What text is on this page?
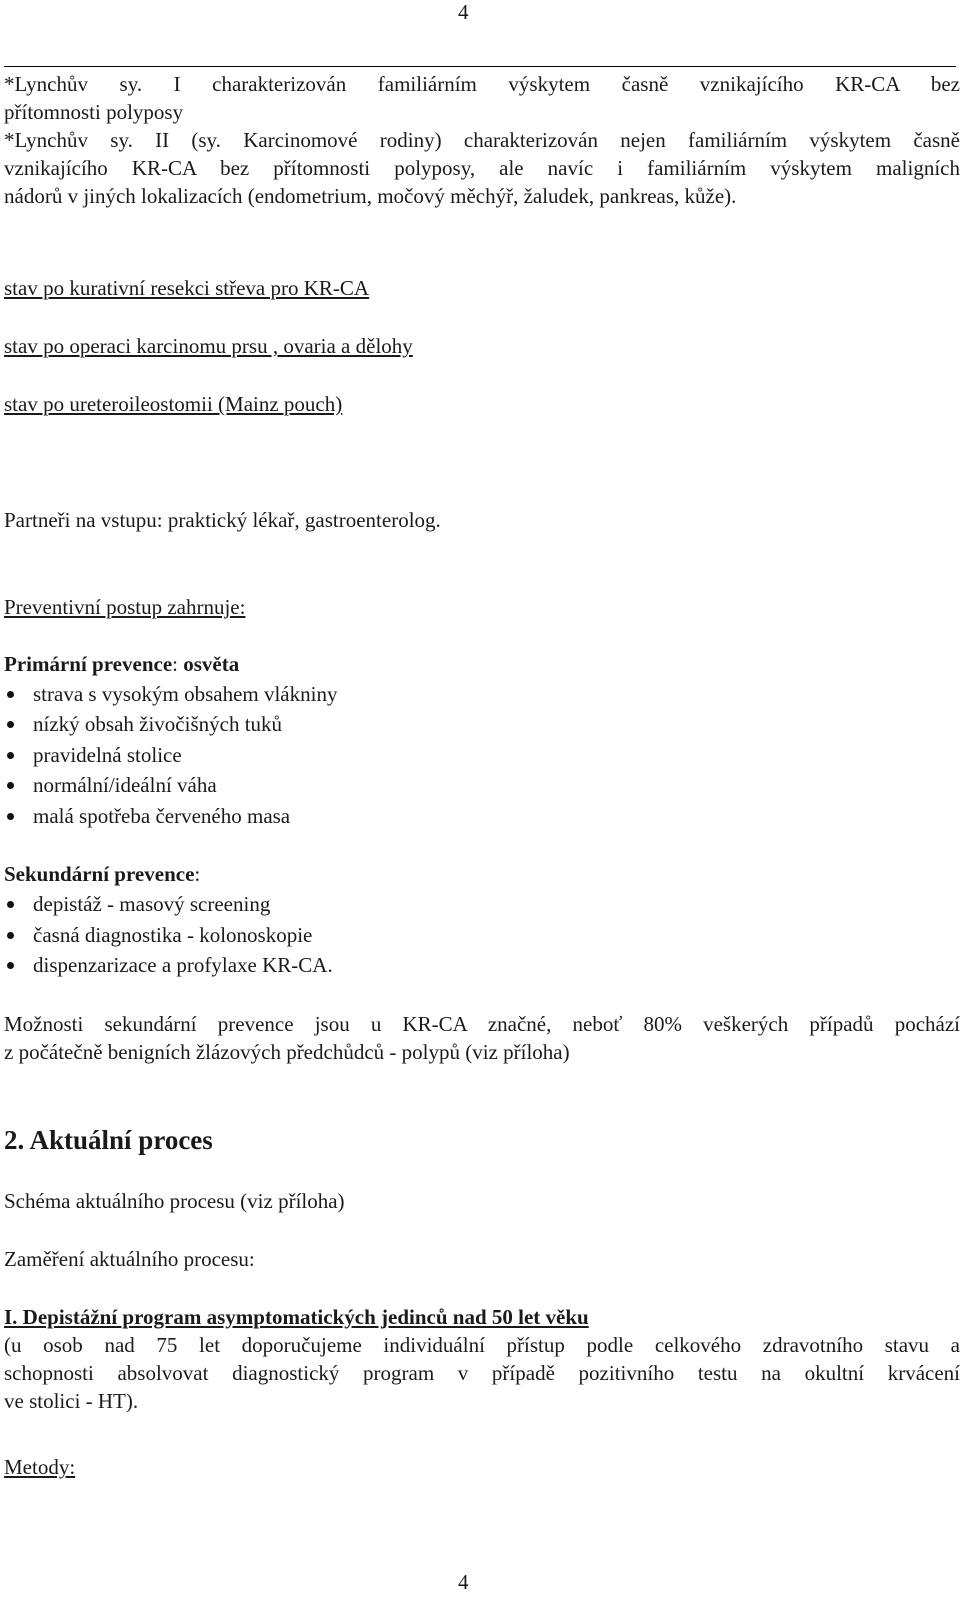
4
*Lynchův sy. I charakterizován familiárním výskytem časně vznikajícího KR-CA bez
přítomnosti polyposy
*Lynchův sy. II (sy. Karcinomové rodiny) charakterizován nejen familiárním výskytem časně
vznikajícího KR-CA bez přítomnosti polyposy, ale navíc i familiárním výskytem maligních
nádorů v jiných lokalizacích (endometrium, močový měchýř, žaludek, pankreas, kůže).
stav po kurativní resekci střeva pro KR-CA
stav po operaci karcinomu prsu , ovaria a dělohy
stav po ureteroileostomii (Mainz pouch)
Partneři na vstupu: praktický lékař, gastroenterolog.
Preventivní postup zahrnuje:
Primární prevence: osvěta
strava s vysokým obsahem vlákniny
nízký obsah živočišných tuků
pravidelná stolice
normální/ideální váha
malá spotřeba červeného masa
Sekundární prevence:
depistáž - masový screening
časná diagnostika - kolonoskopie
dispenzarizace a profylaxe KR-CA.
Možnosti sekundární prevence jsou u KR-CA značné, neboť 80% veškerých případů pochází
z počátečně benigních žlázových předchůdců - polypů (viz příloha)
2. Aktuální proces
Schéma aktuálního procesu (viz příloha)
Zaměření aktuálního procesu:
I. Depistážní program asymptomatických jedinců nad 50 let věku
(u osob nad 75 let doporučujeme individuální přístup podle celkového zdravotního stavu a
schopnosti absolvovat diagnostický program v případě pozitivního testu na okultní krvácení
ve stolici - HT).
Metody:
4
